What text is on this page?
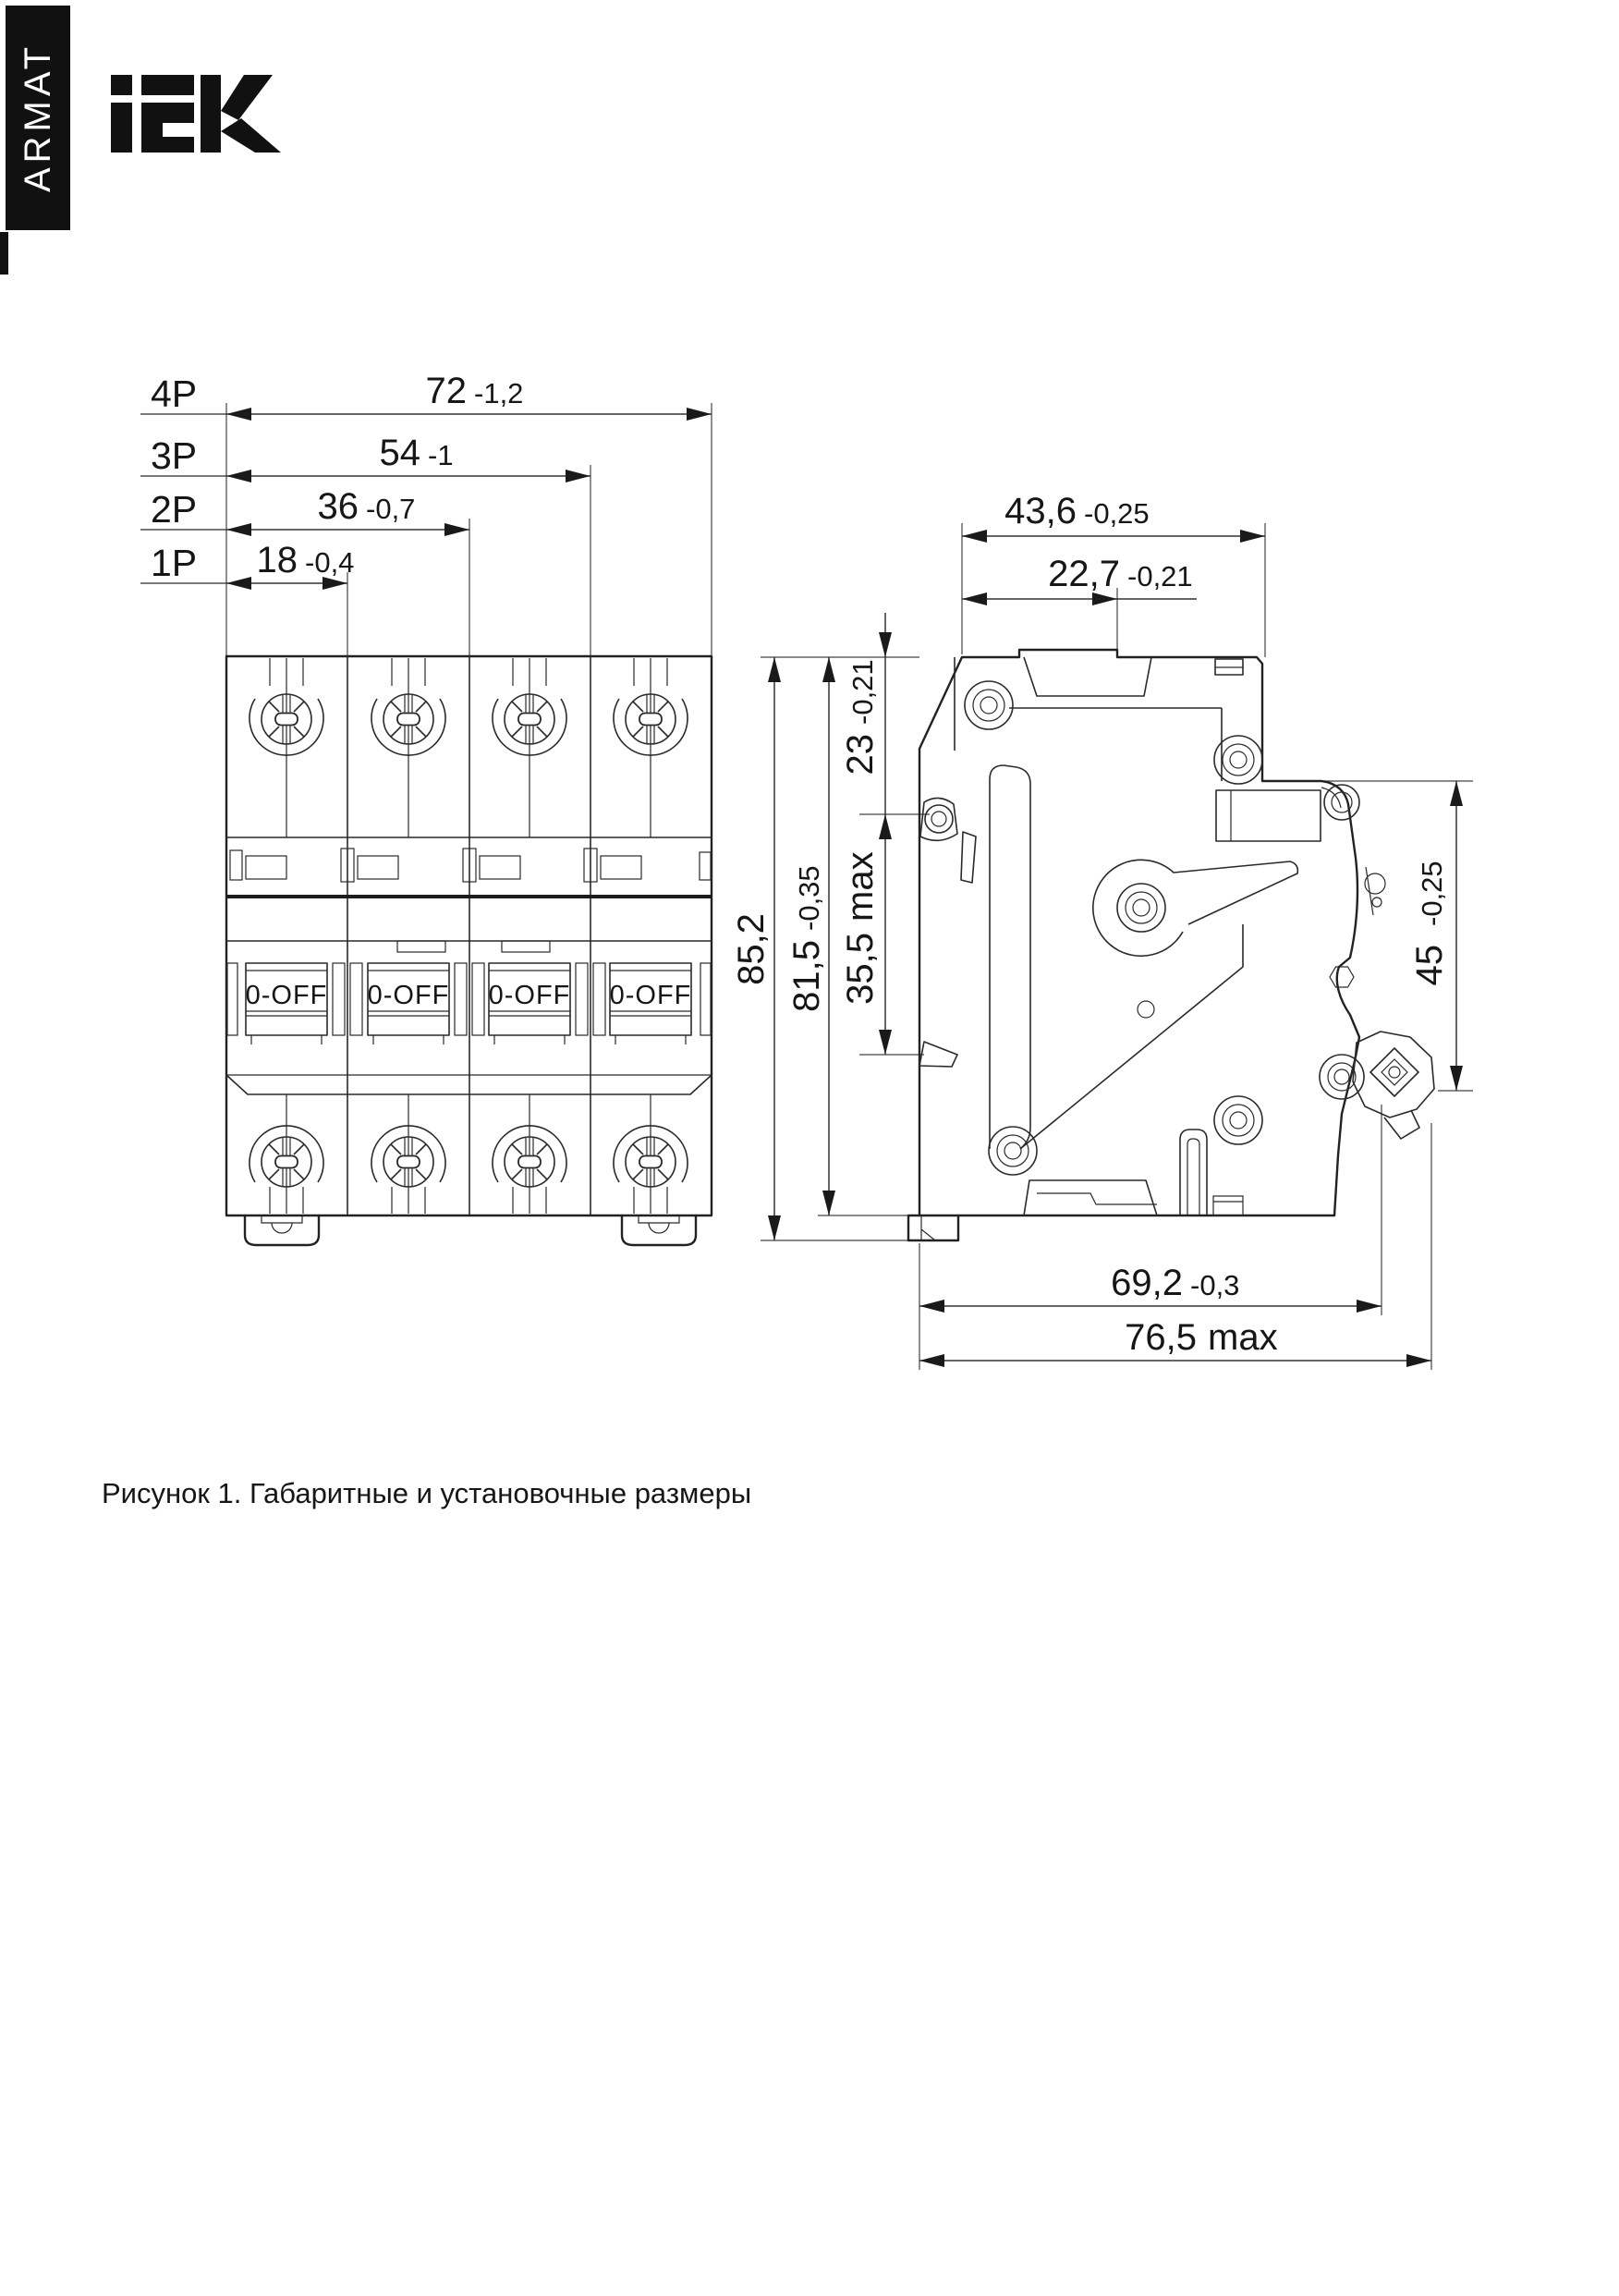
ARMAT
4P	72 -1,2
3P	54 -1
2P	36 -0,7
1P 18 -0,4
0-OFF 0-OFF 0-OFF 0-OFF
43,6 -0,25
22,7 -0,21
85,2 81,5
-0,35
23
-0,21
35,5
max
45
-0,25
69,2 -0,3
76,5 max
Рисунок 1. Габаритные и установочные размеры
